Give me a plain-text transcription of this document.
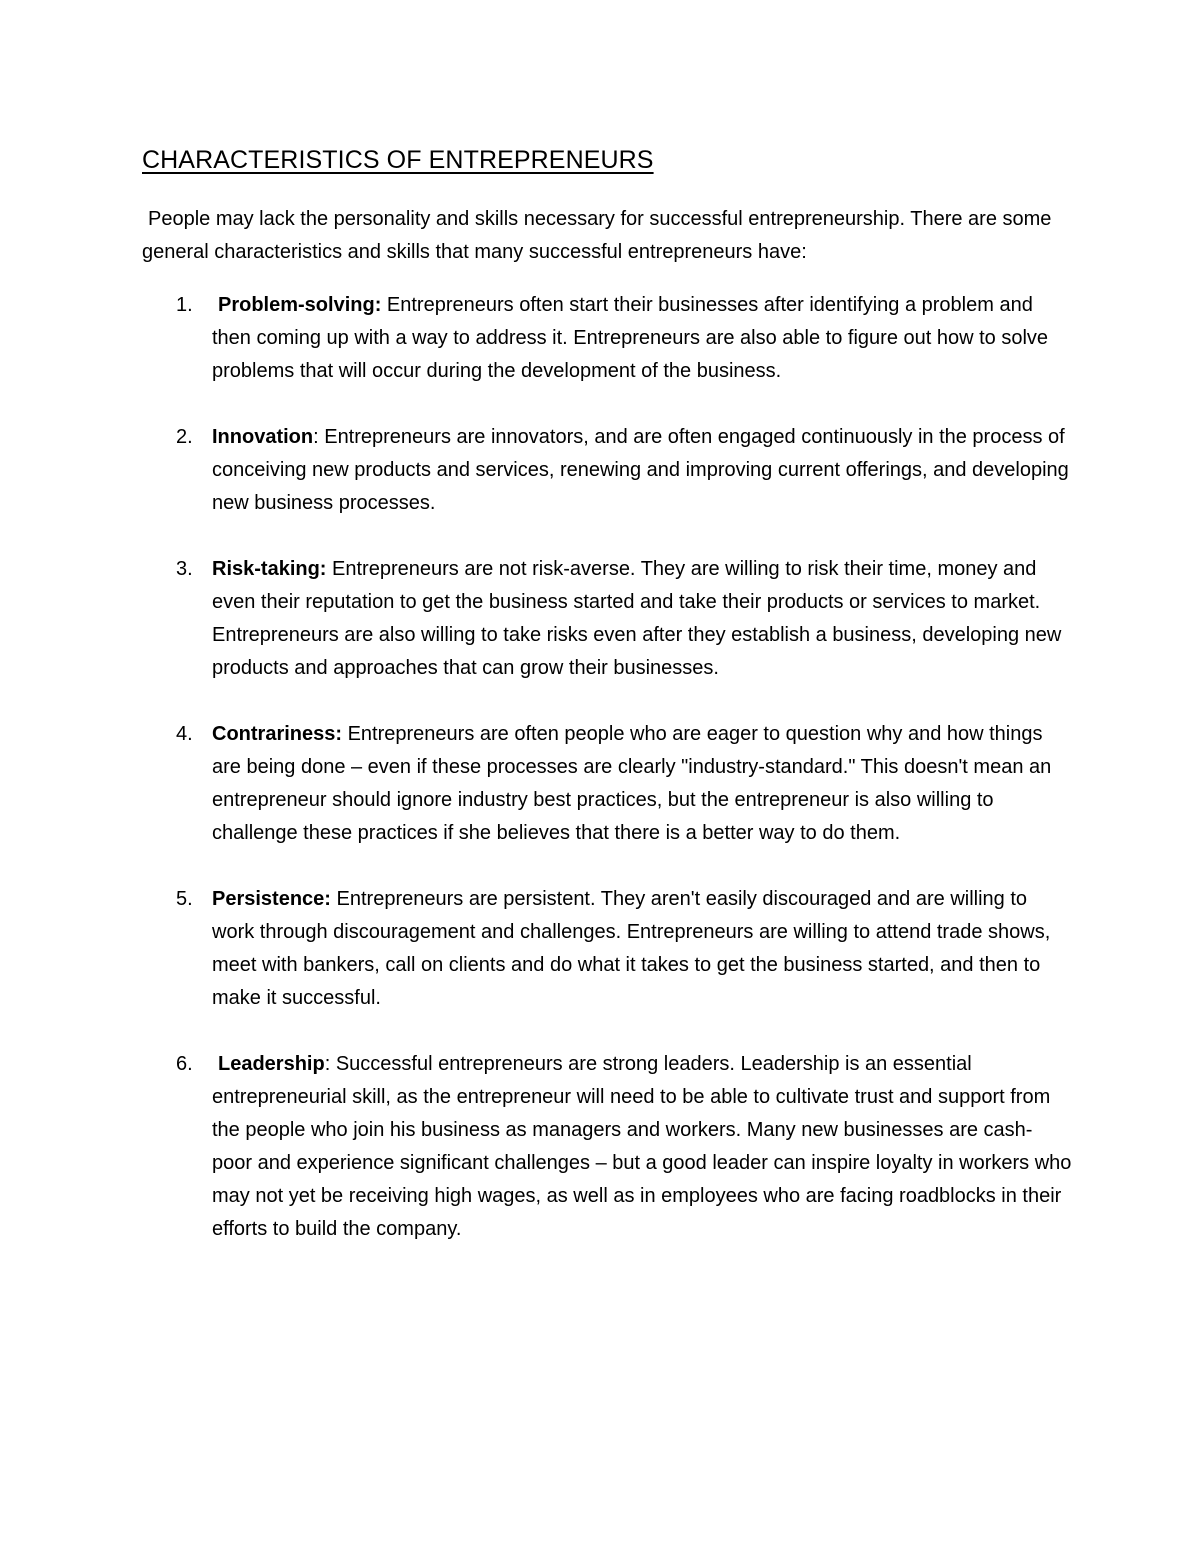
CHARACTERISTICS OF ENTREPRENEURS

People may lack the personality and skills necessary for successful entrepreneurship. There are some general characteristics and skills that many successful entrepreneurs have:

1.	Problem-solving: Entrepreneurs often start their businesses after identifying a problem and then coming up with a way to address it. Entrepreneurs are also able to figure out how to solve problems that will occur during the development of the business.
2. Innovation: Entrepreneurs are innovators, and are often engaged continuously in the process of conceiving new products and services, renewing and improving current offerings, and developing new business processes.
3. Risk-taking: Entrepreneurs are not risk-averse. They are willing to risk their time, money and even their reputation to get the business started and take their products or services to market. Entrepreneurs are also willing to take risks even after they establish a business, developing new products and approaches that can grow their businesses.
4. Contrariness: Entrepreneurs are often people who are eager to question why and how things are being done – even if these processes are clearly "industry-standard." This doesn't mean an entrepreneur should ignore industry best practices, but the entrepreneur is also willing to challenge these practices if she believes that there is a better way to do them.
5. Persistence: Entrepreneurs are persistent. They aren't easily discouraged and are willing to work through discouragement and challenges. Entrepreneurs are willing to attend trade shows, meet with bankers, call on clients and do what it takes to get the business started, and then to make it successful.
6.	Leadership: Successful entrepreneurs are strong leaders. Leadership is an essential entrepreneurial skill, as the entrepreneur will need to be able to cultivate trust and support from the people who join his business as managers and workers. Many new businesses are cash-poor and experience significant challenges – but a good leader can inspire loyalty in workers who may not yet be receiving high wages, as well as in employees who are facing roadblocks in their efforts to build the company.
